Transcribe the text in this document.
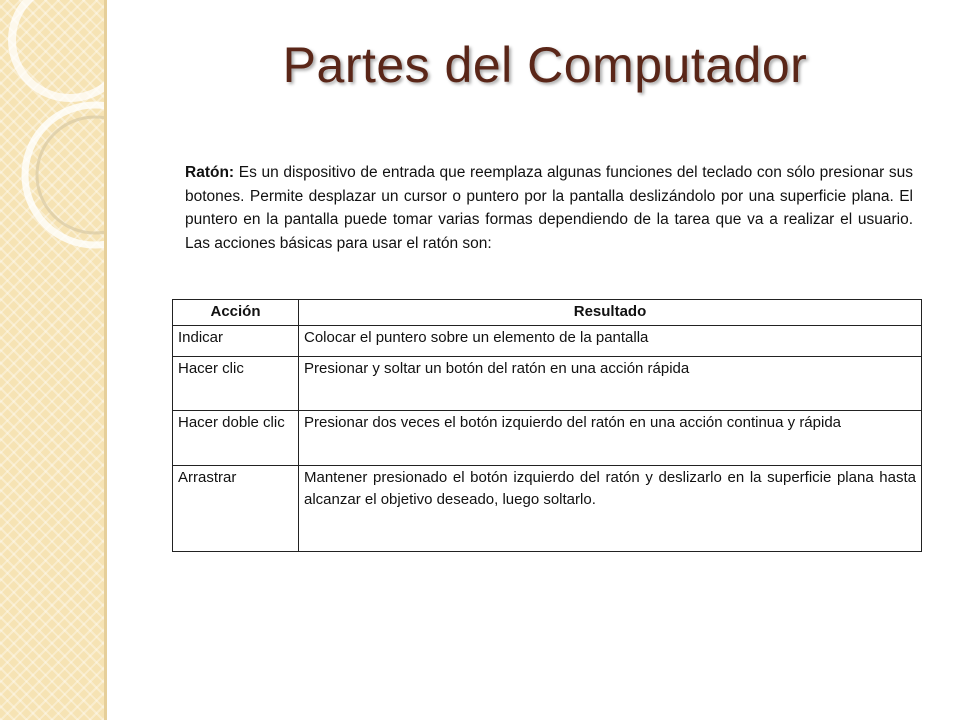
Partes del Computador
Ratón: Es un dispositivo de entrada que reemplaza algunas funciones del teclado con sólo presionar sus botones. Permite desplazar un cursor o puntero por la pantalla deslizándolo por una superficie plana. El puntero en la pantalla puede tomar varias formas dependiendo de la tarea que va a realizar el usuario. Las acciones básicas para usar el ratón son:
Acción	Resultado
Indicar	Colocar el puntero sobre un elemento de la pantalla
Hacer clic	Presionar y soltar un botón del ratón en una acción rápida
Hacer doble clic	Presionar dos veces el botón izquierdo del ratón en una acción continua y rápida
Arrastrar	Mantener presionado el botón izquierdo del ratón y deslizarlo en la superficie plana hasta alcanzar el objetivo deseado, luego soltarlo.
